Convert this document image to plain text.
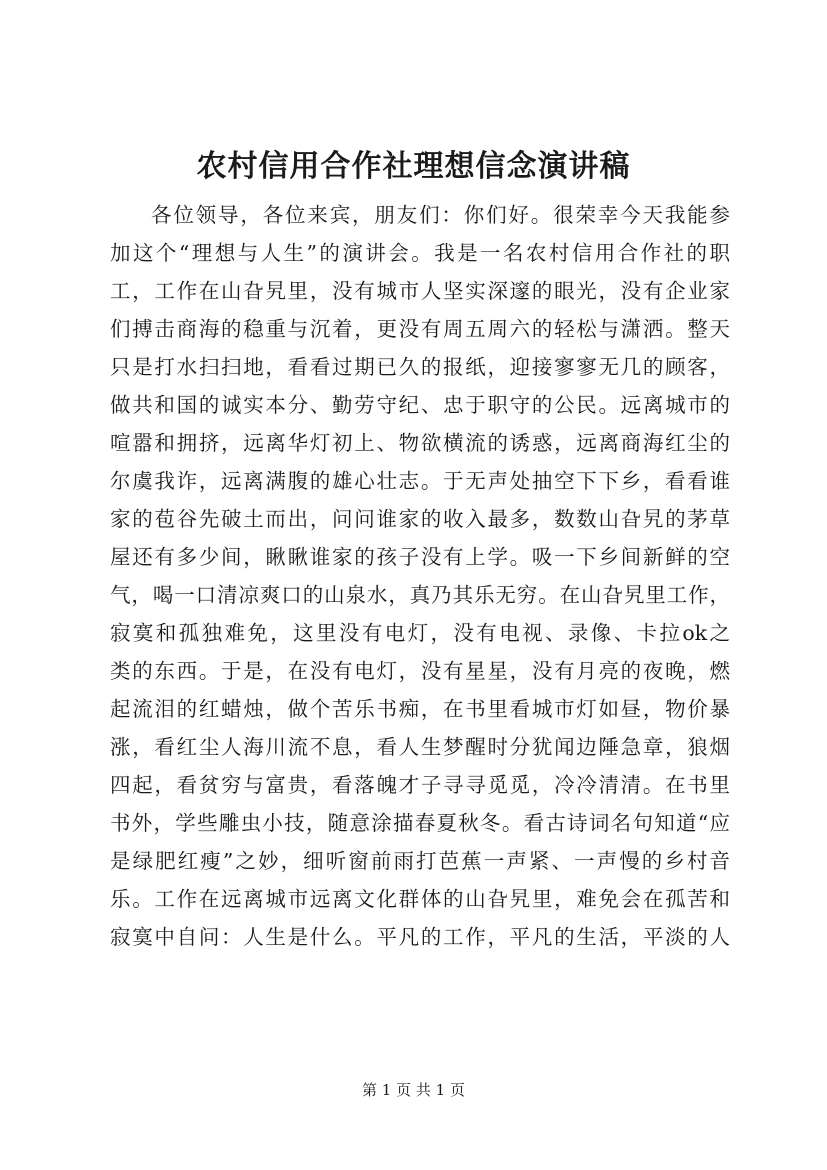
农村信用合作社理想信念演讲稿
各位领导，各位来宾，朋友们：你们好。很荣幸今天我能参
加这个“理想与人生”的演讲会。我是一名农村信用合作社的职
工，工作在山旮旯里，没有城市人坚实深邃的眼光，没有企业家
们搏击商海的稳重与沉着，更没有周五周六的轻松与潇洒。整天
只是打水扫扫地，看看过期已久的报纸，迎接寥寥无几的顾客，
做共和国的诚实本分、勤劳守纪、忠于职守的公民。远离城市的
喧嚣和拥挤，远离华灯初上、物欲横流的诱惑，远离商海红尘的
尔虞我诈，远离满腹的雄心壮志。于无声处抽空下下乡，看看谁
家的苞谷先破土而出，问问谁家的收入最多，数数山旮旯的茅草
屋还有多少间，瞅瞅谁家的孩子没有上学。吸一下乡间新鲜的空
气，喝一口清凉爽口的山泉水，真乃其乐无穷。在山旮旯里工作，
寂寞和孤独难免，这里没有电灯，没有电视、录像、卡拉ok之
类的东西。于是，在没有电灯，没有星星，没有月亮的夜晚，燃
起流泪的红蜡烛，做个苦乐书痴，在书里看城市灯如昼，物价暴
涨，看红尘人海川流不息，看人生梦醒时分犹闻边陲急章，狼烟
四起，看贫穷与富贵，看落魄才子寻寻觅觅，冷冷清清。在书里
书外，学些雕虫小技，随意涂描春夏秋冬。看古诗词名句知道“应
是绿肥红瘦”之妙，细听窗前雨打芭蕉一声紧、一声慢的乡村音
乐。工作在远离城市远离文化群体的山旮旯里，难免会在孤苦和
寂寞中自问：人生是什么。平凡的工作，平凡的生活，平淡的人
第 1 页 共 1 页
